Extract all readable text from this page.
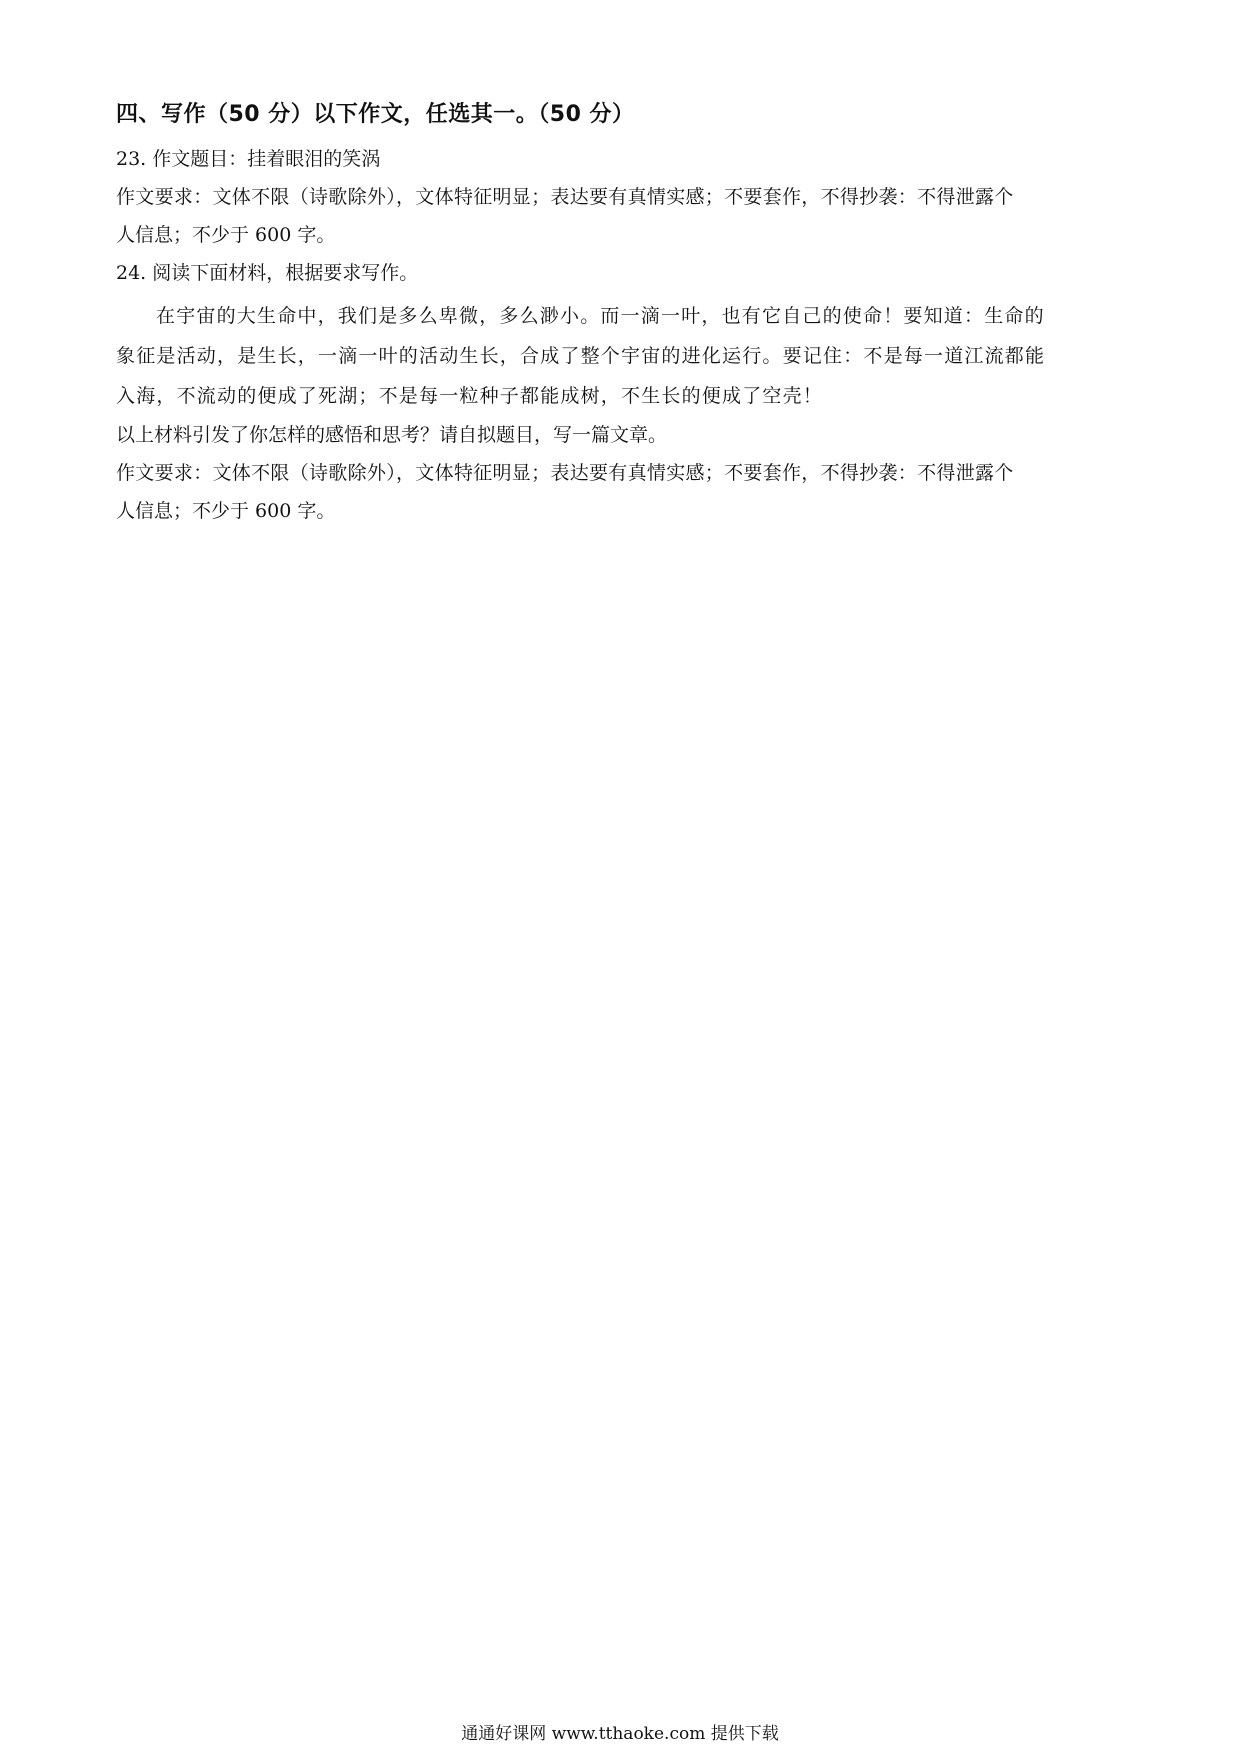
四、写作（50 分）以下作文，任选其一。（50 分）

23. 作文题目：挂着眼泪的笑涡

作文要求：文体不限（诗歌除外），文体特征明显；表达要有真情实感；不要套作，不得抄袭：不得泄露个

人信息；不少于 600 字。

24. 阅读下面材料，根据要求写作。

在宇宙的大生命中，我们是多么卑微，多么渺小。而一滴一叶，也有它自己的使命！要知道：生命的
象征是活动，是生长，一滴一叶的活动生长，合成了整个宇宙的进化运行。要记住：不是每一道江流都能
入海，不流动的便成了死湖；不是每一粒种子都能成树，不生长的便成了空壳！

以上材料引发了你怎样的感悟和思考？请自拟题目，写一篇文章。

作文要求：文体不限（诗歌除外），文体特征明显；表达要有真情实感；不要套作，不得抄袭：不得泄露个

人信息；不少于 600 字。

通通好课网 www.tthaoke.com 提供下载
